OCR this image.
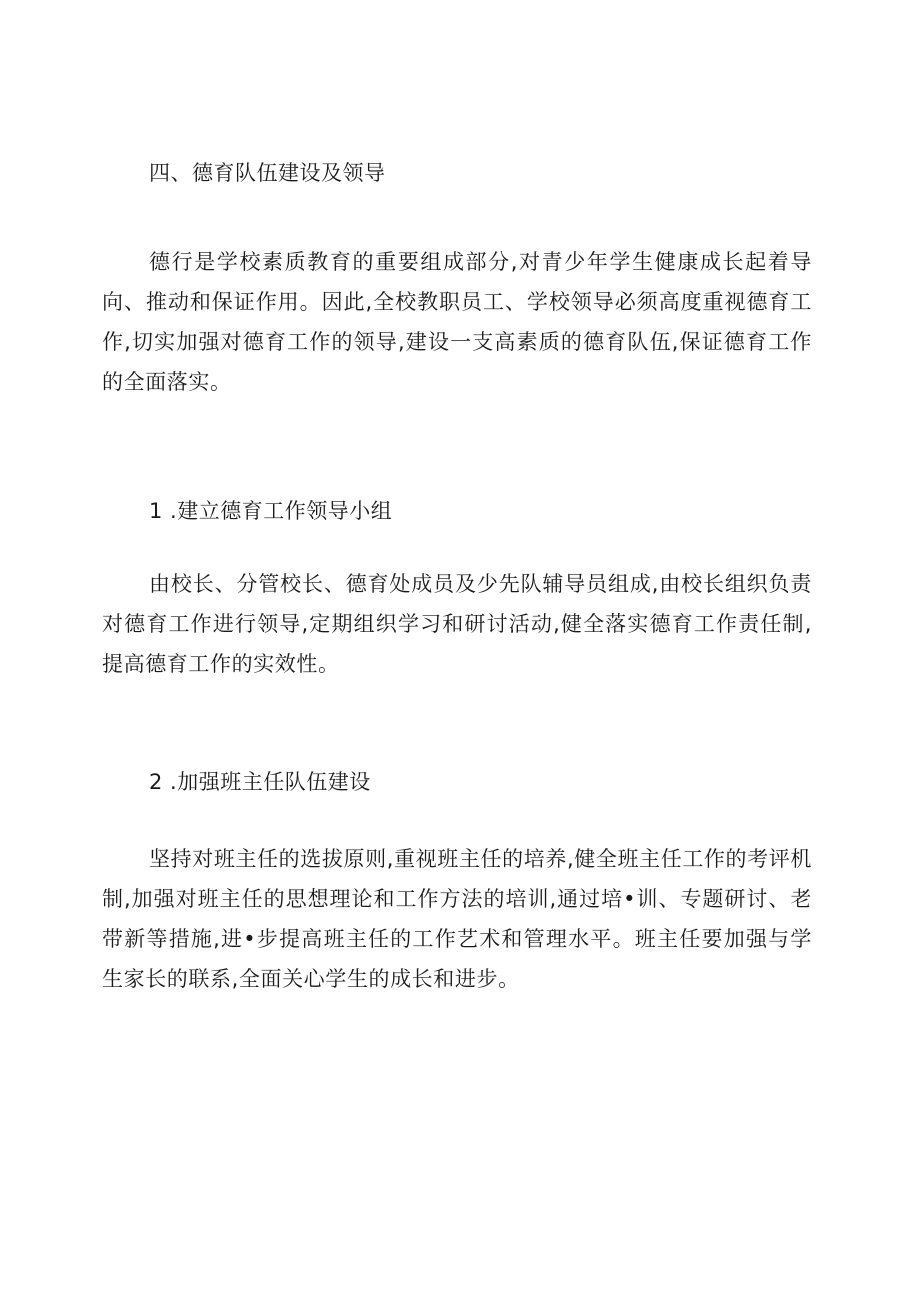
四、德育队伍建设及领导
德行是学校素质教育的重要组成部分,对青少年学生健康成长起着导向、推动和保证作用。因此,全校教职员工、学校领导必须高度重视德育工作,切实加强对德育工作的领导,建设一支高素质的德育队伍,保证德育工作的全面落实。
1 .建立德育工作领导小组
由校长、分管校长、德育处成员及少先队辅导员组成,由校长组织负责对德育工作进行领导,定期组织学习和研讨活动,健全落实德育工作责任制,提高德育工作的实效性。
2 .加强班主任队伍建设
坚持对班主任的选拔原则,重视班主任的培养,健全班主任工作的考评机制,加强对班主任的思想理论和工作方法的培训,通过培•训、专题研讨、老带新等措施,进•步提高班主任的工作艺术和管理水平。班主任要加强与学生家长的联系,全面关心学生的成长和进步。
